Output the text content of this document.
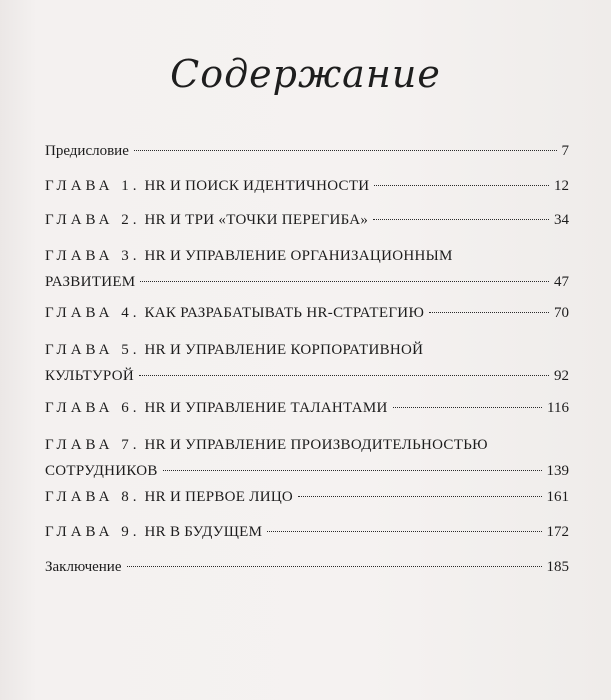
Содержание
Предисловие	7
ГЛАВА 1. HR И ПОИСК ИДЕНТИЧНОСТИ	12
ГЛАВА 2. HR И ТРИ «ТОЧКИ ПЕРЕГИБА»	34
ГЛАВА 3. HR И УПРАВЛЕНИЕ ОРГАНИЗАЦИОННЫМ
РАЗВИТИЕМ	47
ГЛАВА 4. КАК РАЗРАБАТЫВАТЬ HR-СТРАТЕГИЮ	70
ГЛАВА 5. HR И УПРАВЛЕНИЕ КОРПОРАТИВНОЙ
КУЛЬТУРОЙ	92
ГЛАВА 6. HR И УПРАВЛЕНИЕ ТАЛАНТАМИ	116
ГЛАВА 7. HR И УПРАВЛЕНИЕ ПРОИЗВОДИТЕЛЬНОСТЬЮ
СОТРУДНИКОВ	139
ГЛАВА 8. HR И ПЕРВОЕ ЛИЦО	161
ГЛАВА 9. HR В БУДУЩЕМ	172
Заключение	185
